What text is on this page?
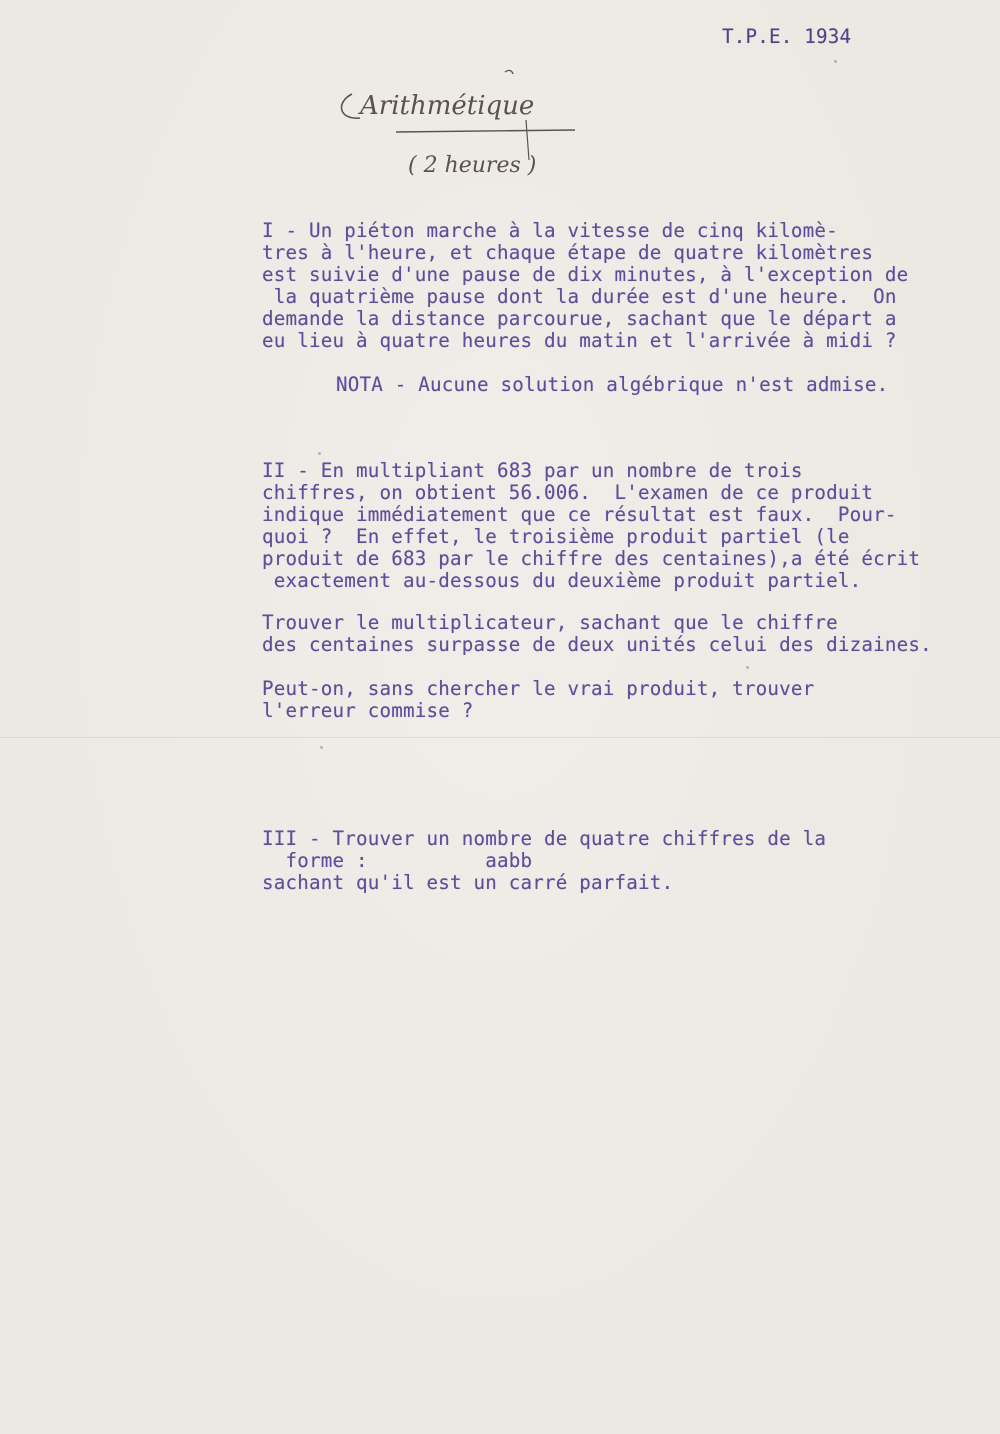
T.P.E. 1934

Arithmétique
( 2 heures )

I - Un piéton marche à la vitesse de cinq kilomè-
tres à l'heure, et chaque étape de quatre kilomètres
est suivie d'une pause de dix minutes, à l'exception de
la quatrième pause dont la durée est d'une heure.  On
demande la distance parcourue, sachant que le départ a
eu lieu à quatre heures du matin et l'arrivée à midi ?

NOTA - Aucune solution algébrique n'est admise.

II - En multipliant 683 par un nombre de trois
chiffres, on obtient 56.006.  L'examen de ce produit
indique immédiatement que ce résultat est faux.  Pour-
quoi ?  En effet, le troisième produit partiel (le
produit de 683 par le chiffre des centaines),a été écrit
exactement au-dessous du deuxième produit partiel.

Trouver le multiplicateur, sachant que le chiffre
des centaines surpasse de deux unités celui des dizaines.

Peut-on, sans chercher le vrai produit, trouver
l'erreur commise ?

III - Trouver un nombre de quatre chiffres de la
forme :          aabb
sachant qu'il est un carré parfait.
